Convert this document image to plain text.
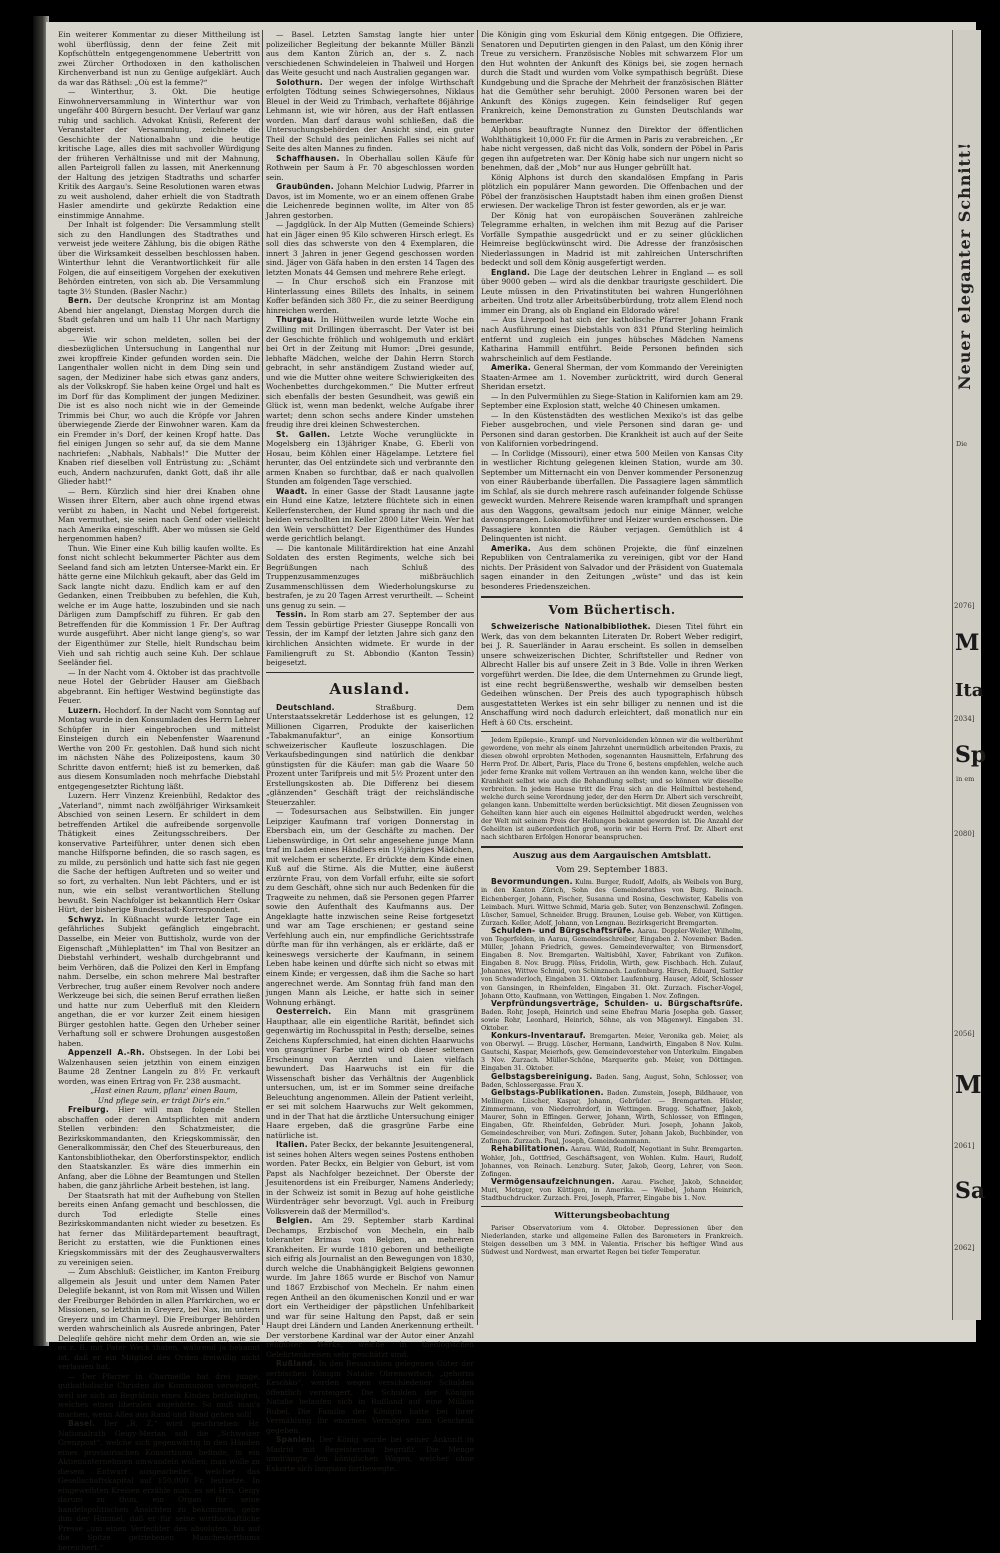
Ein weiterer Kommentar zu dieser Mittheilung ist wohl überflüssig, denn der feine Zeit mit Kopfschütteln entgegengenommene Uebertritt von zwei Zürcher Orthodoxen in den katholischen Kirchenverband ist nun zu Genüge aufgeklärt. Auch da war das Räthsel: „Où est la femme?“

— Winterthur, 3. Okt. Die heutige Einwohnerversammlung in Winterthur war von ungefähr 400 Bürgern besucht. Der Verlauf war ganz ruhig und sachlich. Advokat Knüsli, Referent der Veranstalter der Versammlung, zeichnete die Geschichte der Nationalbahn und die heutige kritische Lage, alles dies mit sachvoller Würdigung der früheren Verhältnisse und mit der Mahnung, allen Parteigroll fallen zu lassen, mit Anerkennung der Haltung des jetzigen Stadtraths und scharfer Kritik des Aargau's. Seine Resolutionen waren etwas zu weit ausholend, daher erhielt die von Stadtrath Hasler amendirte und gekürzte Redaktion eine einstimmige Annahme.

Der Inhalt ist folgender: Die Versammlung stellt sich zu den Handlungen des Stadtrathes und verweist jede weitere Zählung, bis die obigen Räthe über die Wirksamkeit desselben beschlossen haben. Winterthur lehnt die Verantwortlichkeit für alle Folgen, die auf einseitigem Vorgehen der exekutiven Behörden eintreten, von sich ab. Die Versammlung tagte 3½ Stunden. (Basler Nachr.)

Bern. Der deutsche Kronprinz ist am Montag Abend hier angelangt, Dienstag Morgen durch die Stadt gefahren und um halb 11 Uhr nach Martigny abgereist.

— Wie wir schon meldeten, sollen bei der diesbezüglichen Untersuchung in Langenthal nur zwei kropffreie Kinder gefunden worden sein. Die Langenthaler wollen nicht in dem Ding sein und sagen, der Mediziner habe sich etwas ganz anders, als der Volkskropf. Sie haben keine Orgel und halt es im Dorf für das Kompliment der jungen Mediziner. Die ist es also noch nicht wie in der Gemeinde Trimmis bei Chur, wo auch die Kröpfe vor Jahren überwiegende Zierde der Einwohner waren. Kam da ein Fremder in's Dorf, der keinen Kropf hatte. Das fiel einigen Jungen so sehr auf, da sie dem Manne nachriefen: „Nabhals, Nabhals!“ Die Mutter der Knaben rief dieselben voll Entrüstung zu: „Schämt euch, Andern nachzurufen, dankt Gott, daß ihr alle Glieder habt!“

— Bern. Kürzlich sind hier drei Knaben ohne Wissen ihrer Eltern, aber auch ohne irgend etwas verübt zu haben, in Nacht und Nebel fortgereist. Man vermuthet, sie seien nach Genf oder vielleicht nach Amerika eingeschifft. Aber wo müssen sie Geld hergenommen haben?

Thun. Wie Einer eine Kuh billig kaufen wollte. Es fonst nicht schlecht bekummerter Pächter aus dem Seeland fand sich am letzten Untersee-Markt ein. Er hätte gerne eine Milchkuh gekauft, aber das Geld im Sack langte nicht dazu. Endlich kam er auf den Gedanken, einen Treibbuben zu befehlen, die Kuh, welche er im Auge hatte, loszubinden und sie nach Därligen zum Dampfschiff zu führen. Er gab den Betreffenden für die Kommission 1 Fr. Der Auftrag wurde ausgeführt. Aber nicht lange gieng's, so war der Eigenthümer zur Stelle, hielt Rundschau beim Vieh und sah richtig auch seine Kuh. Der schlaue Seeländer fiel.

— In der Nacht vom 4. Oktober ist das prachtvolle neue Hotel der Gebrüder Hauser am Gießbach abgebrannt. Ein heftiger Westwind begünstigte das Feuer.

Luzern. Hochdorf. In der Nacht vom Sonntag auf Montag wurde in den Konsumladen des Herrn Lehrer Schüpfer in hier eingebrochen und mittelst Einsteigen durch ein Nebenfenster Waarenund Werthe von 200 Fr. gestohlen. Daß hund sich nicht im nächsten Nähe des Polizeipostens, kaum 30 Schritte davon entfernt; hieß ist zu bemerken, daß aus diesem Konsumladen noch mehrfache Diebstahl entgegengesetzter Richtung läßt.

Luzern. Herr Vinzenz Kreienbühl, Redaktor des „Vaterland“, nimmt nach zwölfjähriger Wirksamkeit Abschied von seinen Lesern. Er schildert in dem betreffenden Artikel die aufreibende sorgenvolle Thätigkeit eines Zeitungsschreibers. Der konservative Parteiführer, unter denen sich eben manche Hilfsporne befinden, die so rasch sagen, es zu milde, zu persönlich und hatte sich fast nie gegen die Sache der heftigen Auftreten und so weiter und so fort, zu verhalten. Nun lebt Pächters, und er ist nun, wie ein selbst verantwortlichen Stellung bewußt. Sein Nachfolger ist bekanntlich Herr Oskar Hürt, der bisherige Bundesstadt-Korrespondent.

Schwyz. In Küßnacht wurde letzter Tage ein gefährliches Subjekt gefänglich eingebracht. Dasselbe, ein Meier von Buttisholz, wurde von der Eigenschaft „Mühleplatten“ im Thal von Besitzer an Diebstahl verhindert, weshalb durchgebrannt und beim Verhören, daß die Polizei den Kerl in Empfang nahm. Derselbe, ein schon mehrere Mal bestrafter Verbrecher, trug außer einem Revolver noch andere Werkzeuge bei sich, die seinen Beruf errathen ließen und hatte nur zum Ueberfluß mit den Kleidern angethan, die er vor kurzer Zeit einem hiesigen Bürger gestohlen hatte. Gegen den Urheber seiner Verhaftung soll er schwere Drohungen ausgestoßen haben.

Appenzell A.-Rh. Obstsegen. In der Lobi bei Walzenhausen seien jetzthin von einem einzigen Baume 28 Zentner Langeln zu 8½ Fr. verkauft worden, was einen Ertrag von Fr. 238 ausmacht.

„Hast einen Raum, pflanz' einen Baum,

Und pflege sein, er trägt Dir's ein.“

Freiburg. Hier will man folgende Stellen abschaffen oder deren Amtspflichten mit andern Stellen verbinden: den Schatzmeister, die Bezirkskommandanten, den Kriegskommissär, den Generalkommissär, den Chef des Steuerbureaus, den Kantonsbibliothekar, den Oberforstinspektor, endlich den Staatskanzler. Es wäre dies immerhin ein Anfang, aber die Löhne der Beamtungen und Stellen haben, die ganz jährliche Arbeit bestehen, ist lang.

Der Staatsrath hat mit der Aufhebung von Stellen bereits einen Anfang gemacht und beschlossen, die durch Tod erledigte Stelle eines Bezirkskommandanten nicht wieder zu besetzen. Es hat ferner das Militärdepartement beauftragt, Bericht zu erstatten, wie die Funktionen eines Kriegskommissärs mit der des Zeughausverwalters zu vereinigen seien.

— Zum Abschluß: Geistlicher, im Kanton Freiburg allgemein als Jesuit und unter dem Namen Pater Delegliſe bekannt, ist von Rom mit Wissen und Willen der Freiburger Behörden in allen Pfarrkirchen, wo er Missionen, so letzthin in Greyerz, bei Nax, im untern Greyerz und im Charmeyl. Die Freiburger Behörden werden wahrscheinlich als Ausrede anbringen, Pater Delegliſe gehöre nicht mehr dem Orden an, wie sie es z. B. mit Pater Weck thaten, während ja bekannt ist, daß er ein Mitglied des Orden freiwillig nicht verlassen hat.

— Der Pfarrer in Charmeille hat drei junge, gutkatholische Christen die Kommunion verweigert, weil sie sich an Begräbnis eines Kindes betheiligten, welches einen liberalen angehörte. So muß man's machen, wenn Alles aus Rand und Band gehen soll!

Basel. Der „B. Z.“ wird geschrieben: Hr. Nationalrath Geigy-Merian soll die „Schweizer Grenzpost“, welche sich gegenwärtig in den Händen eines provisorischen Konsortiums befinde, in ein Aktienunternehmen umwandeln wollen; man wolle zu diesem Entwurf ausgearbeitet, welcher das Gesellschaftskapital auf 150,000 Fr. festsetze. In eingeweihten Kreisen erzähle man, es sei Hrn. Geigy darum zu thun, ein Organ für seine handelspolitischen Ansichten zu bekommen; gebe ihm der Himmel, daß er für seine wirthschaftliche Presse „um einen Verfechter des absoluten, bis auf die Spitze getriebenen Manchesterthums bereichert.“

— Basel. Letzten Samstag langte hier unter polizeilicher Begleitung der bekannte Müller Bänzli aus dem Kanton Zürich an, der s. Z. nach verschiedenen Schwindeleien in Thalweil und Horgen das Weite gesucht und nach Australien gegangen war.

Solothurn. Der wegen der infolge Wirthschaft erfolgten Tödtung seines Schwiegersohnes, Niklaus Bleuel in der Weid zu Trimbach, verhaftete 86jährige Lehmann ist, wie wir hören, aus der Haft entlassen worden. Man darf daraus wohl schließen, daß die Untersuchungsbehörden der Ansicht sind, ein guter Theil der Schuld des peinlichen Falles sei nicht auf Seite des alten Mannes zu finden.

Schaffhausen. In Oberhallau sollen Käufe für Rothwein per Saum à Fr. 70 abgeschlossen worden sein.

Graubünden. Johann Melchior Ludwig, Pfarrer in Davos, ist im Momente, wo er an einem offenen Grabe die Leichenrede beginnen wollte, im Alter von 85 Jahren gestorben.

— Jagdglück. In der Alp Mutten (Gemeinde Schiers) hat ein Jäger einen 95 Kilo schweren Hirsch erlegt. Es soll dies das schwerste von den 4 Exemplaren, die innert 3 Jahren in jener Gegend geschossen worden sind. Jäger von Gäfa haben in den ersten 14 Tagen des letzten Monats 44 Gemsen und mehrere Rehe erlegt.

— In Chur erschoß sich ein Franzose mit Hinterlassung eines Billets des Inhalts, in seinem Koffer befänden sich 380 Fr., die zu seiner Beerdigung hinreichen werden.

Thurgau. In Hüttweilen wurde letzte Woche ein Zwilling mit Drillingen überrascht. Der Vater ist bei der Geschichte fröhlich und wohlgemuth und erklärt bei Ort in der Zeitung mit Humor: „Drei gesunde, lebhafte Mädchen, welche der Dahin Herrn Storch gebracht, in sehr anständigem Zustand wieder auf, und wie die Mutter ohne weitere Schwierigkeiten des Wochenbettes durchgekommen.“ Die Mutter erfreut sich ebenfalls der besten Gesundheit, was gewiß ein Glück ist, wenn man bedenkt, welche Aufgabe ihrer wartet; denn schon sechs andere Kinder umstehen freudig ihre drei kleinen Schwesterchen.

St. Gallen. Letzte Woche verunglückte in Mogelsberg ein 13jähriger Knabe, G. Eberli von Hosau, beim Köhlen einer Hägelampe. Letztere fiel herunter, das Oel entzündete sich und verbrannte den armen Knaben so furchtbar, daß er nach qualvollen Stunden am folgenden Tage verschied.

Waadt. In einer Gasse der Stadt Lausanne jagte ein Hund eine Katze, letztere flüchtete sich in einen Kellerfensterchen, der Hund sprang ihr nach und die beiden verschollten im Keller 2800 Liter Wein. Wer hat den Wein verschüttet? Der Eigenthümer des Hundes werde gerichtlich belangt.

— Die kantonale Militärdirektion hat eine Anzahl Soldaten des ersten Regiments, welche sich bei Begrüßungen nach Schluß des Truppenzusammenzuges mißbräuchlich Zusammenschlüssen dem Wiederholungskurse zu bestrafen, je zu 20 Tagen Arrest verurtheilt. — Scheint uns genug zu sein. —

Tessin. In Rom starb am 27. September der aus dem Tessin gebürtige Priester Giuseppe Roncalli von Tessin, der im Kampf der letzten Jahre sich ganz den kirchlichen Ansichten widmete. Er wurde in der Familiengruft zu St. Abbondio (Kanton Tessin) beigesetzt.

Ausland.

Deutschland. Straßburg. Dem Unterstaatssekretär Ledderhose ist es gelungen, 12 Millionen Cigarren, Produkte der kaiserlichen „Tabakmanufaktur“, an einige Konsortium schweizerischer Kaufleute loszuschlagen. Die Verkaufsbedingungen sind natürlich die denkbar günstigsten für die Käufer: man gab die Waare 50 Prozent unter Tarifpreis und mit 5½ Prozent unter den Erstellungskosten ab. Die Differenz bei diesem „glänzenden“ Geschäft trägt der reichsländische Steuerzahler.

— Todesursachen aus Selbstwillen. Ein junger Leipziger Kaufmann traf vorigen Donnerstag in Ebersbach ein, um der Geschäfte zu machen. Der Liebenswürdige, in Ort sehr angesehene junge Mann traf im Laden eines Händlers ein 1½jähriges Mädchen, mit welchem er scherzte. Er drückte dem Kinde einen Kuß auf die Stirne. Als die Mutter, eine äußerst erzürnte Frau, von dem Vorfall erfuhr, eilte sie sofort zu dem Geschäft, ohne sich nur auch Bedenken für die Tragweite zu nehmen, daß sie Personen gegen Pfarrer sowie den Aufenthalt des Kaufmanns aus. Der Angeklagte hatte inzwischen seine Reise fortgesetzt und war am Tage erschienen; er gestand seine Verfehlung auch ein, nur empfindliche Gerichtsstrafe dürfte man für ihn verhängen, als er erklärte, daß er keineswegs versicherte der Kaufmann, in seinem Leben habe keinen und dürfte sich nicht so etwas mit einem Kinde; er vergessen, daß ihm die Sache so hart angerechnet werde. Am Sonntag früh fand man den jungen Mann als Leiche, er hatte sich in seiner Wohnung erhängt.

Oesterreich. Ein Mann mit grasgrünem Haupthaar, alle ein eigentliche Rarität, befindet sich gegenwärtig im Rochusspital in Pesth; derselbe, seines Zeichens Kupferschmied, hat einen dichten Haarwuchs von grasgrüner Farbe und wird ob dieser seltenen Erscheinung von Aerzten und Laien vielfach bewundert. Das Haarwuchs ist ein für die Wissenschaft bisher das Verhältnis der Augenblick untersuchen, um, ist er im Sommer seine dreifache Beleuchtung angenommen. Allein der Patient verleiht, er sei mit solchem Haarwuchs zur Welt gekommen, und in der That hat die ärztliche Untersuchung einiger Haare ergeben, daß die grasgrüne Farbe eine natürliche ist.

Italien. Pater Beckx, der bekannte Jesuitengeneral, ist seines hohen Alters wegen seines Postens enthoben worden. Pater Beckx, ein Belgier von Geburt, ist vom Papst als Nachfolger bezeichnet. Der Oberste der Jesuitenordens ist ein Freiburger, Namens Anderledy; in der Schweiz ist somit in Bezug auf hohe geistliche Würdenträger sehr bevorzugt. Vgl. auch in Freiburg Volksverein daß der Mermillod's.

Belgien. Am 29. September starb Kardinal Dechamps, Erzbischof von Mecheln, ein halb toleranter Brimas von Belgien, an mehreren Krankheiten. Er wurde 1810 geboren und betheiligte sich eifrig als Journalist an den Bewegungen von 1830, durch welche die Unabhängigkeit Belgiens gewonnen wurde. Im Jahre 1865 wurde er Bischof von Namur und 1867 Erzbischof von Mecheln. Er nahm einen regen Antheil an den ökumenischen Konzil und er war dort ein Vertheidiger der päpstlichen Unfehlbarkeit und war für seine Haltung den Papst, daß er sein Haupt drei Ländern und Landen Anerkennung ertheilt. Der verstorbene Kardinal war der Autor einer Anzahl religiöser Werke, welche in theologischen Gelehrtenkreisen sehr geschätzt sind.

Rußland. In den Bessarabien gelegenen Güter der serbischen Königin Natalie Obrenowitsch, „gehorns Keschko“, werden wegen verschiedener Schulden öffentlich versteigert. Die Schulden der Königin Natalie belaufen sich in Rußland auf eine Million Rubel. Die Familie der Königin hatte bei ihrer Vermählung ihr enormes Vermögen zum Geschenk gegeben.

Spanien. Der König wurde bei seiner Ankunft in Madrid mit Begeisterung begrüßt. Die Menge umdrängte den königlichen Wagen, welcher ohne Eskorte sich langsam fortbewegte.

Die Königin ging vom Eskurial dem König entgegen. Die Offiziere, Senatoren und Deputirten giengen in den Palast, um den König ihrer Treue zu versichern. Französische Nobles mit schwarzem Flor um den Hut wohnten der Ankunft des Königs bei, sie zogen hernach durch die Stadt und wurden vom Volke sympathisch begrüßt. Diese Kundgebung und die Sprache der Mehrheit der französischen Blätter hat die Gemüther sehr beruhigt. 2000 Personen waren bei der Ankunft des Königs zugegen. Kein feindseliger Ruf gegen Frankreich, keine Demonstration zu Gunsten Deutschlands war bemerkbar.

Alphons beauftragte Nunnez den Direktor der öffentlichen Wohlthätigkeit 10,000 Fr. für die Armen in Paris zu verabreichen. „Er habe nicht vergessen, daß nicht das Volk, sondern der Pöbel in Paris gegen ihn aufgetreten war. Der König habe sich nur ungern nicht so benehmen, daß der „Mob“ nur aus Hunger gebrüllt hat.

König Alphons ist durch den skandalösen Empfang in Paris plötzlich ein populärer Mann geworden. Die Offenbachen und der Pöbel der französischen Hauptstadt haben ihm einen großen Dienst erwiesen. Der wackelige Thron ist fester geworden, als er je war.

Der König hat von europäischen Souveränen zahlreiche Telegramme erhalten, in welchen ihm mit Bezug auf die Pariser Vorfälle Sympathie ausgedrückt und er zu seiner glücklichen Heimreise beglückwünscht wird. Die Adresse der französischen Niederlassungen in Madrid ist mit zahlreichen Unterschriften bedeckt und soll dem König ausgefertigt werden.

England. Die Lage der deutschen Lehrer in England — es soll über 9000 geben — wird als die denkbar traurigste geschildert. Die Leute müssen in den Privatinstituten bei wahren Hungerlöhnen arbeiten. Und trotz aller Arbeitsüberbürdung, trotz allem Elend noch immer ein Drang, als ob England ein Eldorado wäre!

— Aus Liverpool hat sich der katholische Pfarrer Johann Frank nach Ausführung eines Diebstahls von 831 Pfund Sterling heimlich entfernt und zugleich ein junges hübsches Mädchen Namens Katharina Hammill entführt. Beide Personen befinden sich wahrscheinlich auf dem Festlande.

Amerika. General Sherman, der vom Kommando der Vereinigten Staaten-Armee am 1. November zurücktritt, wird durch General Sheridan ersetzt.

— In den Pulvermühlen zu Siege-Station in Kalifornien kam am 29. September eine Explosion statt, welche 40 Chinesen umkamen.

— In den Küstenstädten des westlichen Mexiko's ist das gelbe Fieber ausgebrochen, und viele Personen sind daran ge- und Personen sind daran gestorben. Die Krankheit ist auch auf der Seite von Kalifornien vorbedringend.

— In Corlidge (Missouri), einer etwa 500 Meilen von Kansas City in westlicher Richtung gelegenen kleinen Station, wurde am 30. September um Mitternacht ein von Denver kommender Personenzug von einer Räuberbande überfallen. Die Passagiere lagen sämmtlich im Schlaf, als sie durch mehrere rasch aufeinander folgende Schüsse geweckt wurden. Mehrere Reisende waren krampfhaft und sprangen aus den Waggons, gewaltsam jedoch nur einige Männer, welche davonsprangen. Lokomotivführer und Heizer wurden erschossen. Die Passagiere konnten die Räuber verjagen. Gemüthlich ist 4 Delinquenten ist nicht.

Amerika. Aus dem schönen Projekte, die fünf einzelnen Republiken von Centralamerika zu vereinigen, gibt vor der Hand nichts. Der Präsident von Salvador und der Präsident von Guatemala sagen einander in den Zeitungen „wüste“ und das ist kein besonderes Friedenszeichen.

Vom Büchertisch.

Schweizerische Nationalbibliothek. Diesen Titel führt ein Werk, das von dem bekannten Literaten Dr. Robert Weber redigirt, bei J. R. Sauerländer in Aarau erscheint. Es sollen in demselben unsere schweizerischen Dichter, Schriftsteller und Redner von Albrecht Haller bis auf unsere Zeit in 3 Bde. Volle in ihren Werken vorgeführt werden. Die Idee, die dem Unternehmen zu Grunde liegt, ist eine recht begrüßenswerthe, weshalb wir demselben besten Gedeihen wünschen. Der Preis des auch typographisch hübsch ausgestatteten Werkes ist ein sehr billiger zu nennen und ist die Anschaffung wird noch dadurch erleichtert, daß monatlich nur ein Heft à 60 Cts. erscheint.

Jedem Epilepsie-, Krampf- und Nervenleidenden können wir die weltberühmt gewordene, von mehr als einem Jahrzehnt unermüdlich arbeitenden Praxis, zu diesen obwohl erprobten Methoden, sogenannten Hausmitteln, Erfahrung des Herrn Prof. Dr. Albert, Paris, Place du Trone 6, bestens empfehlen, welche auch jeder ferne Kranke mit vollem Vertrauen an ihn wenden kann, welche über die Krankheit selbst wie auch die Behandlung selbst; und so können wir dieselbe verbreiten. In jedem Hause tritt die Frau sich an die Heilmittel bestehend, welche durch seine Verordnung jeder, der den Herrn Dr. Albert sich verschreibt, gelangen kann. Unbemittelte werden berücksichtigt. Mit diesen Zeugnissen von Geheilten kann hier auch ein eigenes Heilmittel abgedruckt werden, welches der Welt mit seinem Preis der Heilungen bekannt geworden ist. Die Anzahl der Geheilten ist außerordentlich groß, worin wir bei Herrn Prof. Dr. Albert erst nach sichtbaren Erfolgen Honorar beanspruchen.

Auszug aus dem Aargauischen Amtsblatt.
Vom 29. September 1883.

Bevormundungen. Kulm. Burger, Rudolf, Adolfs, als Weibels von Burg, in den Kanton Zürich, Sohn des Gemeinderathes von Burg. Reinach. Eichenberger, Johann, Fischer, Susanna und Rosina, Geschwister, Kabelis von Leimbach. Muri. Wittwe Schmid, Maria geb. Suter, von Benzenschwil. Zofingen. Lüscher, Samuel, Schneider. Brugg. Braunen, Louise geb. Weber, von Küttigen. Zurzach. Keller, Adolf, Johann, von Lengnau. Bezirksgericht Bremgarten.

Schulden- und Bürgschaftsrüfe. Aarau. Doppler-Weiler, Wilhelm, von Tegerfelden, in Aarau, Gemeindeschreiber, Eingaben 2. November. Baden. Müller, Johann Friedrich, gewes. Gemeindeverwalter, von Birmensdorf, Eingaben 8. Nov. Bremgarten. Waltisbühl, Xaver, Fabrikant von Zufikon. Eingaben 8. Nov. Brugg. Plüss, Fridolin, Wirth, gew. Fischbach. Hch. Zulauf, Johannes, Wittwe Schmid, von Schinznach. Laufenburg. Hirsch, Eduard, Sattler von Schwaderloch, Eingaben 31. Oktober. Laufenburg. Hauser, Adolf, Schlosser von Gansingen, in Rheinfelden, Eingaben 31. Okt. Zurzach. Fischer-Vogel, Johann Otto, Kaufmann, von Wettingen, Eingaben 1. Nov. Zofingen.

Verpfründungsverträge, Schulden- u. Bürgschaftsrüfe. Baden. Rohr, Joseph, Heinrich und seine Ehefrau Maria Josepha geb. Gasser, sowie Rohr, Leonhard, Heinrich, Söhne, als von Mägenwyl. Eingaben 31. Oktober.

Konkurs-Inventarauf. Bremgarten. Meier, Veronika geb. Meier, als von Oberwyl. — Brugg. Lüscher, Hermann, Landwirth, Eingaben 8 Nov. Kulm. Gautschi, Kaspar, Meierhofs, gew. Gemeindevorsteher von Unterkulm. Eingaben 3 Nov. Zurzach. Müller-Schöne, Marquerite geb. Meier, von Döttingen. Eingaben 31. Oktober.

Gelbstagsbereinigung. Baden. Sang, August, Sohn, Schlosser, von Baden, Schlossergasse. Frau X.

Gelbstags-Publikationen. Baden. Zumstein, Joseph, Bildhauer, von Mellingen. Lüscher, Kaspar, Johann, Gebrüder. — Bremgarten. Hüsler, Zimmermann, von Niederrohrdorf, in Wettingen. Brugg. Schaffner, Jakob, Maurer, Sohn in Effingen. Gerwer, Johann, Wirth, Schlosser, von Effingen, Eingaben, Gfr. Rheinfelden, Gebrüder. Muri. Joseph, Johann Jakob, Gemeindeschreiber, von Muri. Zofingen. Suter, Johann Jakob, Buchbinder, von Zofingen. Zurzach. Paul, Joseph, Gemeindeammann.

Rehabilitationen. Aarau. Wild, Rudolf, Negotiant in Suhr. Bremgarten. Wohler, Joh., Gottfried, Geschäftsagent, von Wohlen. Kulm. Hauri, Rudolf, Johannes, von Reinach. Lenzburg. Suter, Jakob, Georg, Lehrer, von Seon. Zofingen.

Vermögensaufzeichnungen. Aarau. Fischer, Jakob, Schneider, Muri, Metzger, von Küttigen, in Amerika. — Weibel, Johann Heinrich, Stadtbuchdrucker. Zurzach. Frei, Joseph, Pfarrer, Eingabe bis 1. Nov.

Witterungsbeobachtung

Pariser Observatorium vom 4. Oktober. Depressionen über den Niederlanden, starke und allgemeine Fallen des Barometers in Frankreich. Steigen desselben um 3 MM. in Valentia. Frischer bis heftiger Wind aus Südwest und Nordwest, man erwartet Regen bei tiefer Temperatur.

Neuer eleganter Schnitt!
Die
2076]
M
Ita
2034]
Sp
in em
2080]
2056]
M
2061]
Sa
2062]
